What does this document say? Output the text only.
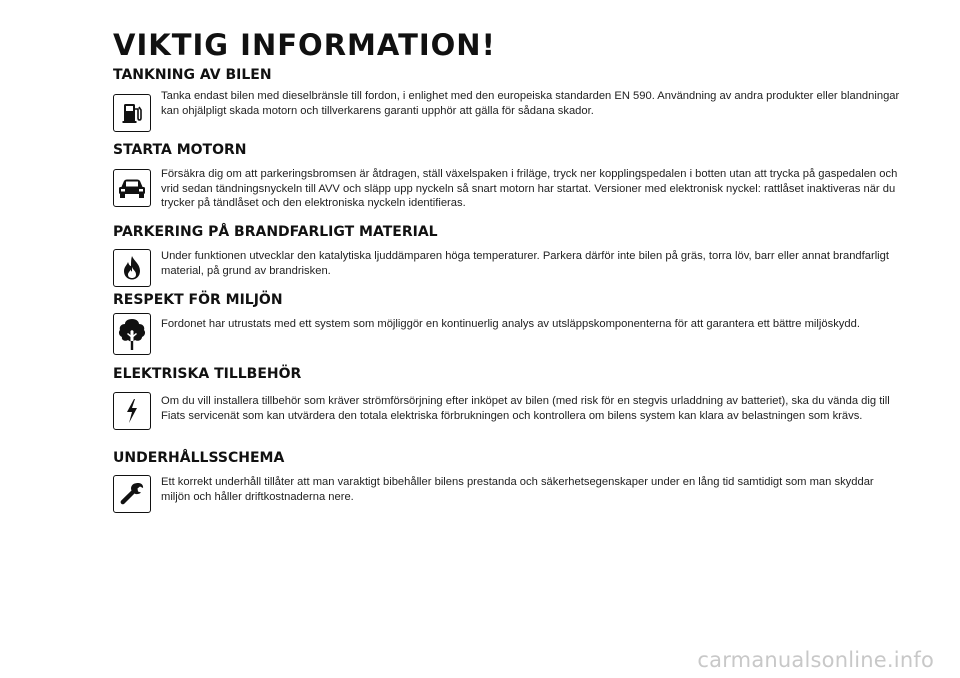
VIKTIG INFORMATION!
TANKNING AV BILEN

Tanka endast bilen med dieselbränsle till fordon, i enlighet med den europeiska standarden EN 590. Användning av andra produkter eller blandningar kan ohjälpligt skada motorn och tillverkarens garanti upphör att gälla för sådana skador.

STARTA MOTORN

Försäkra dig om att parkeringsbromsen är åtdragen, ställ växelspaken i friläge, tryck ner kopplingspedalen i botten utan att trycka på gaspedalen och vrid sedan tändningsnyckeln till AVV och släpp upp nyckeln så snart motorn har startat. Versioner med elektronisk nyckel: rattlåset inaktiveras när du trycker på tändlåset och den elektroniska nyckeln identifieras.

PARKERING PÅ BRANDFARLIGT MATERIAL

Under funktionen utvecklar den katalytiska ljuddämparen höga temperaturer. Parkera därför inte bilen på gräs, torra löv, barr eller annat brandfarligt material, på grund av brandrisken.

RESPEKT FÖR MILJÖN

Fordonet har utrustats med ett system som möjliggör en kontinuerlig analys av utsläppskomponenterna för att garantera ett bättre miljöskydd.

ELEKTRISKA TILLBEHÖR

Om du vill installera tillbehör som kräver strömförsörjning efter inköpet av bilen (med risk för en stegvis urladdning av batteriet), ska du vända dig till Fiats servicenät som kan utvärdera den totala elektriska förbrukningen och kontrollera om bilens system kan klara av belastningen som krävs.

UNDERHÅLLSSCHEMA

Ett korrekt underhåll tillåter att man varaktigt bibehåller bilens prestanda och säkerhetsegenskaper under en lång tid samtidigt som man skyddar miljön och håller driftkostnaderna nere.

carmanualsonline.info
